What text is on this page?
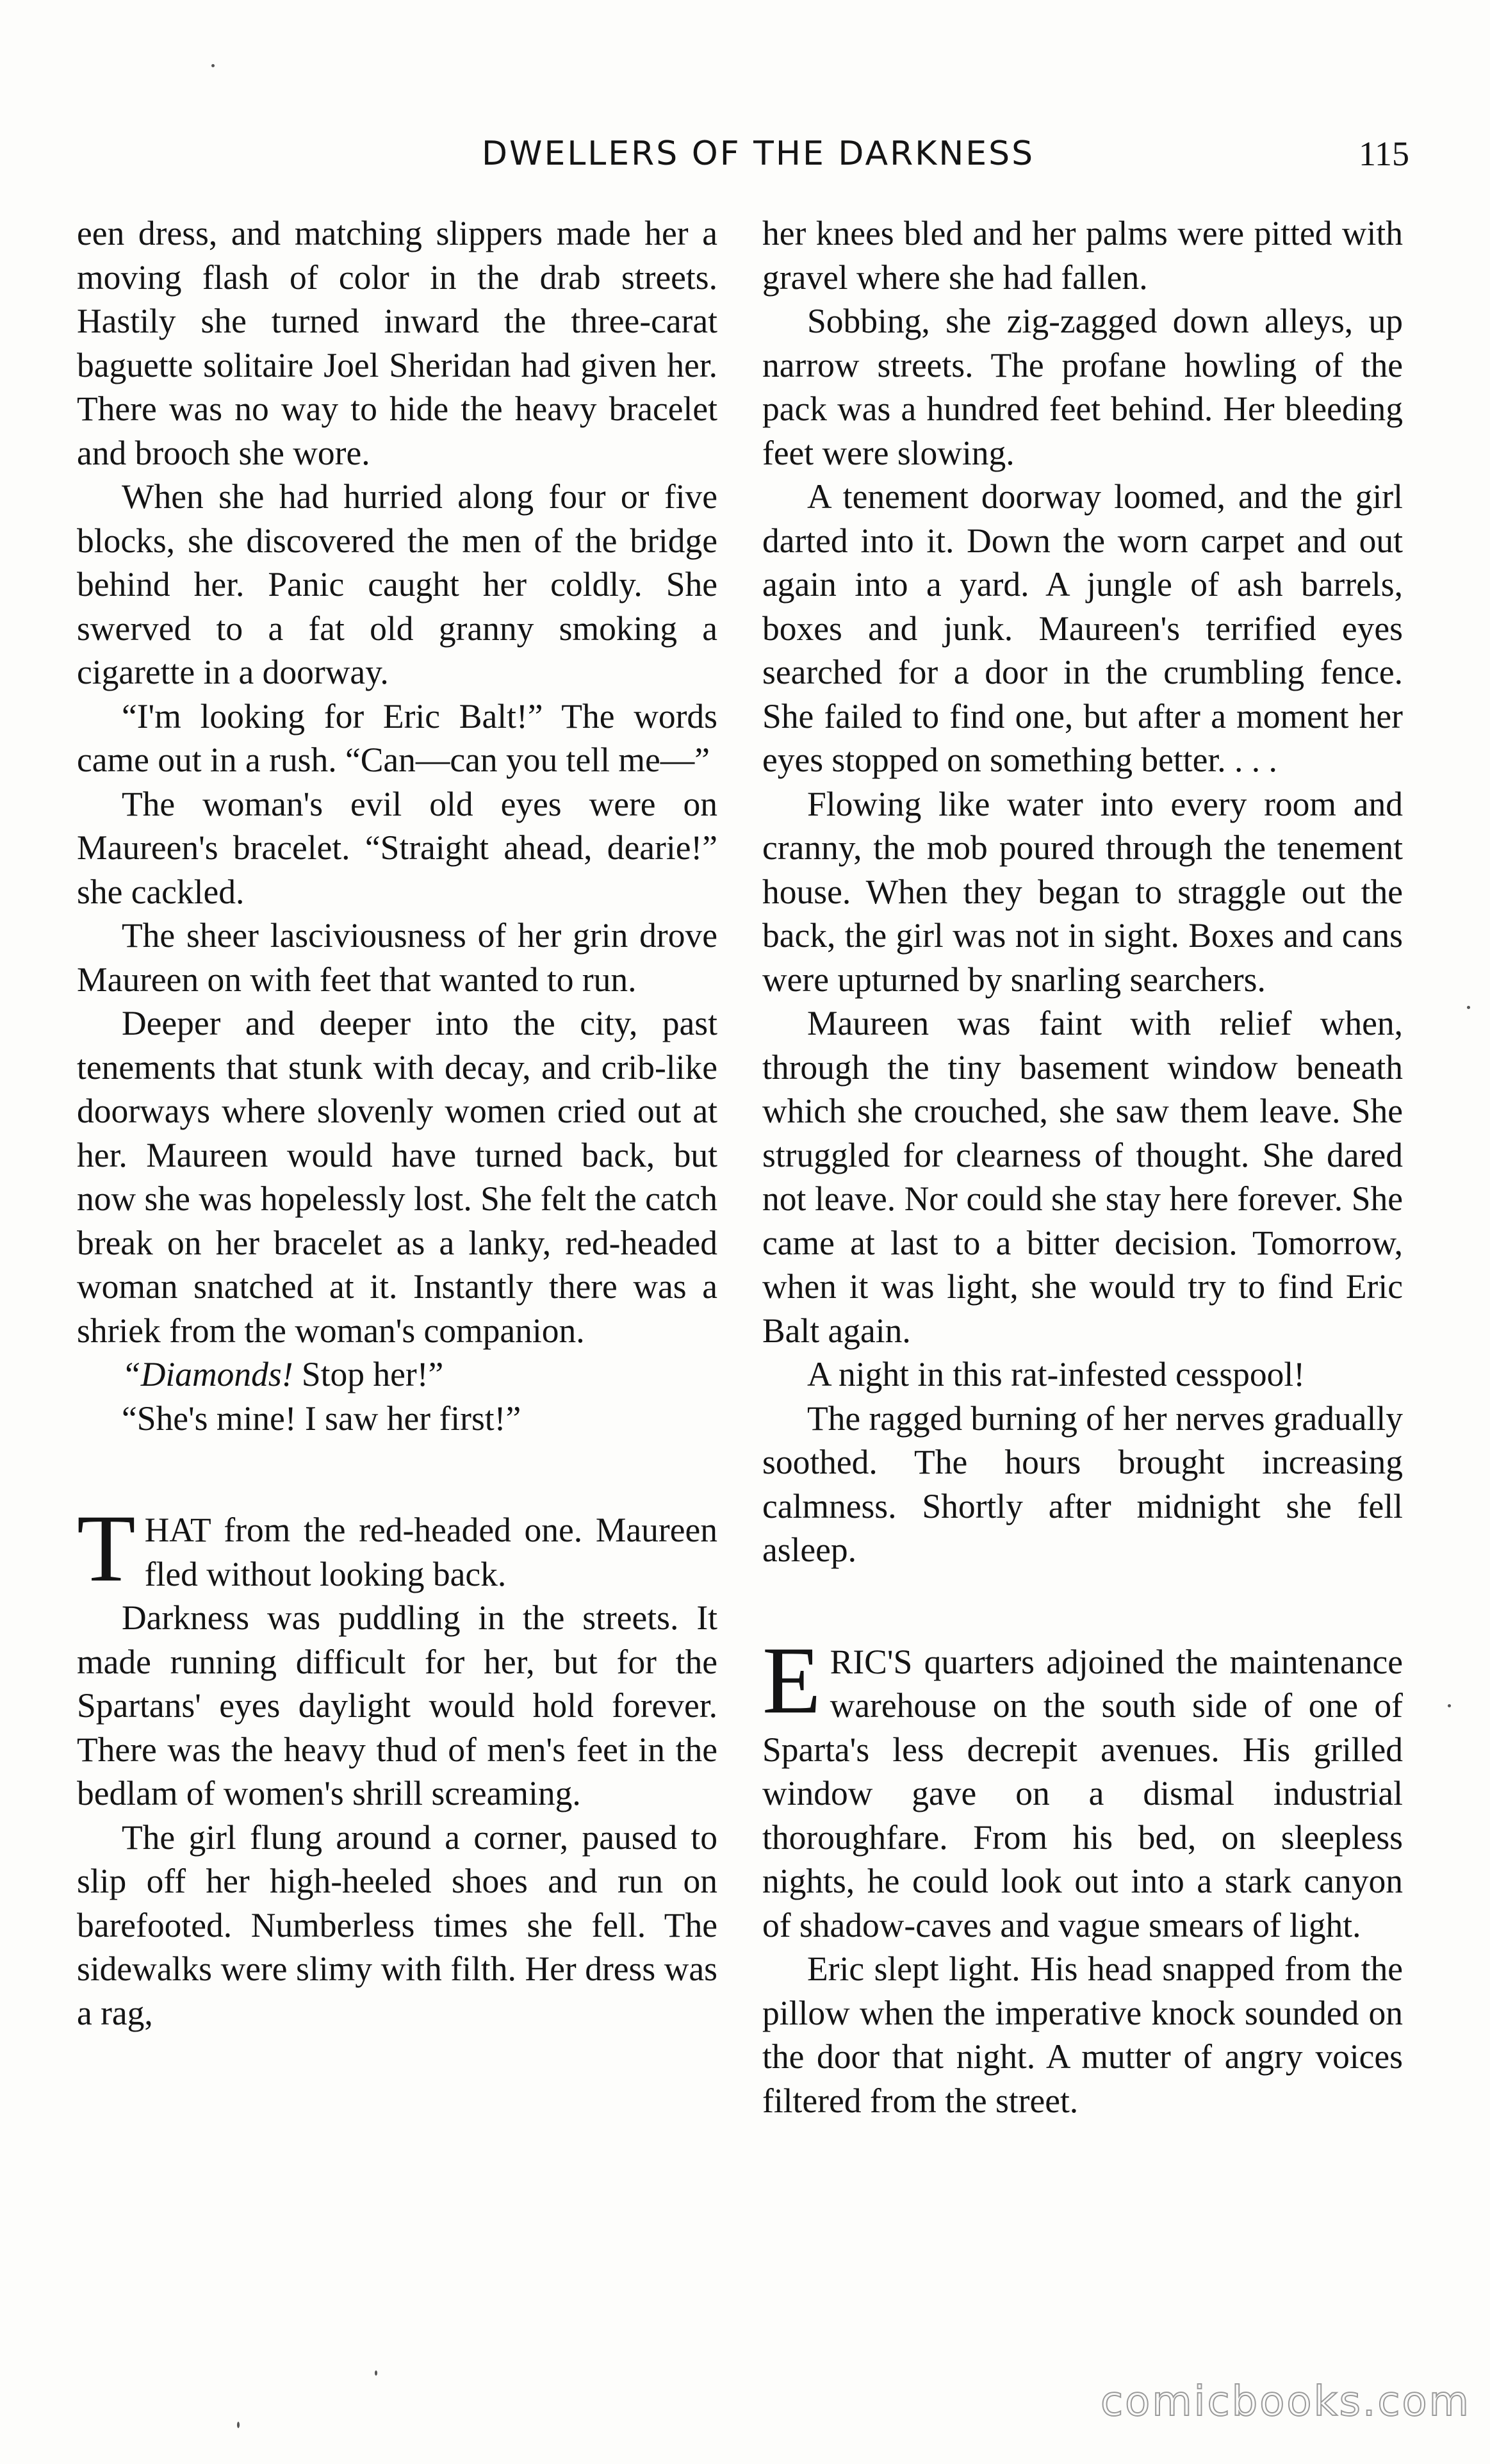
DWELLERS OF THE DARKNESS	115

een dress, and matching slippers made her a moving flash of color in the drab streets. Hastily she turned inward the three-carat baguette solitaire Joel Sheridan had given her. There was no way to hide the heavy bracelet and brooch she wore.

When she had hurried along four or five blocks, she discovered the men of the bridge behind her. Panic caught her coldly. She swerved to a fat old granny smoking a cigarette in a doorway.

“I'm looking for Eric Balt!” The words came out in a rush. “Can—can you tell me—”

The woman's evil old eyes were on Maureen's bracelet. “Straight ahead, dearie!” she cackled.

The sheer lasciviousness of her grin drove Maureen on with feet that wanted to run.

Deeper and deeper into the city, past tenements that stunk with decay, and crib-like doorways where slovenly women cried out at her. Maureen would have turned back, but now she was hopelessly lost. She felt the catch break on her bracelet as a lanky, red-headed woman snatched at it. Instantly there was a shriek from the woman's companion.

“Diamonds! Stop her!”

“She's mine! I saw her first!”

THAT from the red-headed one. Maureen fled without looking back.

Darkness was puddling in the streets. It made running difficult for her, but for the Spartans' eyes daylight would hold forever. There was the heavy thud of men's feet in the bedlam of women's shrill screaming.

The girl flung around a corner, paused to slip off her high-heeled shoes and run on barefooted. Numberless times she fell. The sidewalks were slimy with filth. Her dress was a rag,

her knees bled and her palms were pitted with gravel where she had fallen.

Sobbing, she zig-zagged down alleys, up narrow streets. The profane howling of the pack was a hundred feet behind. Her bleeding feet were slowing.

A tenement doorway loomed, and the girl darted into it. Down the worn carpet and out again into a yard. A jungle of ash barrels, boxes and junk. Maureen's terrified eyes searched for a door in the crumbling fence. She failed to find one, but after a moment her eyes stopped on something better. . . .

Flowing like water into every room and cranny, the mob poured through the tenement house. When they began to straggle out the back, the girl was not in sight. Boxes and cans were upturned by snarling searchers.

Maureen was faint with relief when, through the tiny basement window beneath which she crouched, she saw them leave. She struggled for clearness of thought. She dared not leave. Nor could she stay here forever. She came at last to a bitter decision. Tomorrow, when it was light, she would try to find Eric Balt again.

A night in this rat-infested cesspool!

The ragged burning of her nerves gradually soothed. The hours brought increasing calmness. Shortly after midnight she fell asleep.

ERIC'S quarters adjoined the maintenance warehouse on the south side of one of Sparta's less decrepit avenues. His grilled window gave on a dismal industrial thoroughfare. From his bed, on sleepless nights, he could look out into a stark canyon of shadow-caves and vague smears of light.

Eric slept light. His head snapped from the pillow when the imperative knock sounded on the door that night. A mutter of angry voices filtered from the street.

comicbooks.com
